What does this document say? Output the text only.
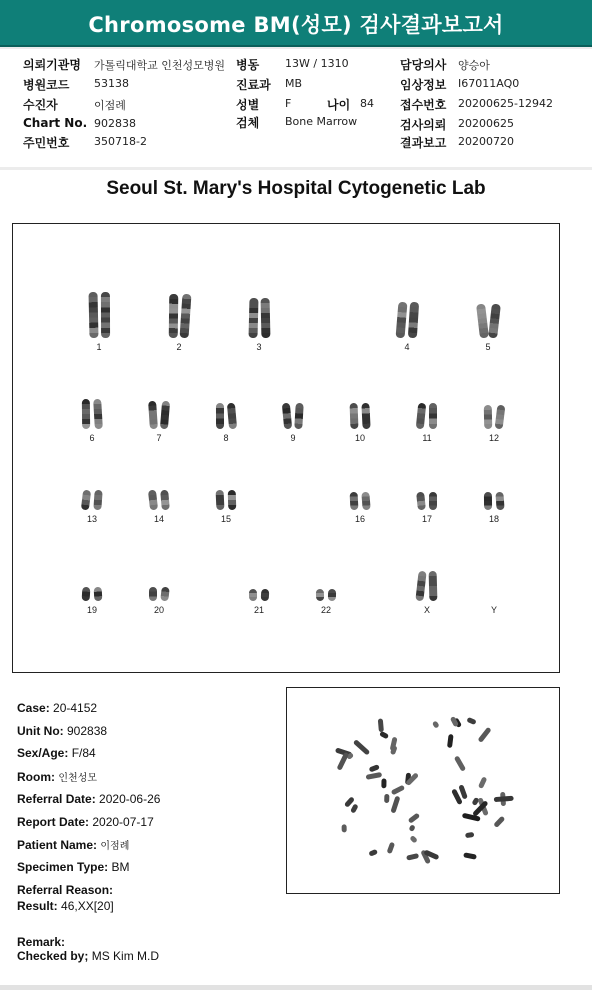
Chromosome BM(성모) 검사결과보고서
의뢰기관명 가톨릭대학교 인천성모병원 병동 13W / 1310	담당의사 양승아
병원코드 53138	진료과 MB	임상정보 I67011AQ0
수진자	이점례	성별 F	나이 84 접수번호 20200625-12942
Chart No. 902838	검체 Bone Marrow	검사의뢰 20200625
주민번호 350718-2	결과보고 20200720
Seoul St. Mary's Hospital Cytogenetic Lab
1	2	3	4	5
6	7	8	9	10	11	12
13	14	15	16	17	18
19	20	21	22	X	Y
Case: 20-4152
Unit No: 902838
Sex/Age: F/84
Room: 인천성모
Referral Date: 2020-06-26
Report Date: 2020-07-17
Patient Name: 이점례
Specimen Type: BM
Referral Reason:
Result: 46,XX[20]
Remark:
Checked by; MS Kim M.D
